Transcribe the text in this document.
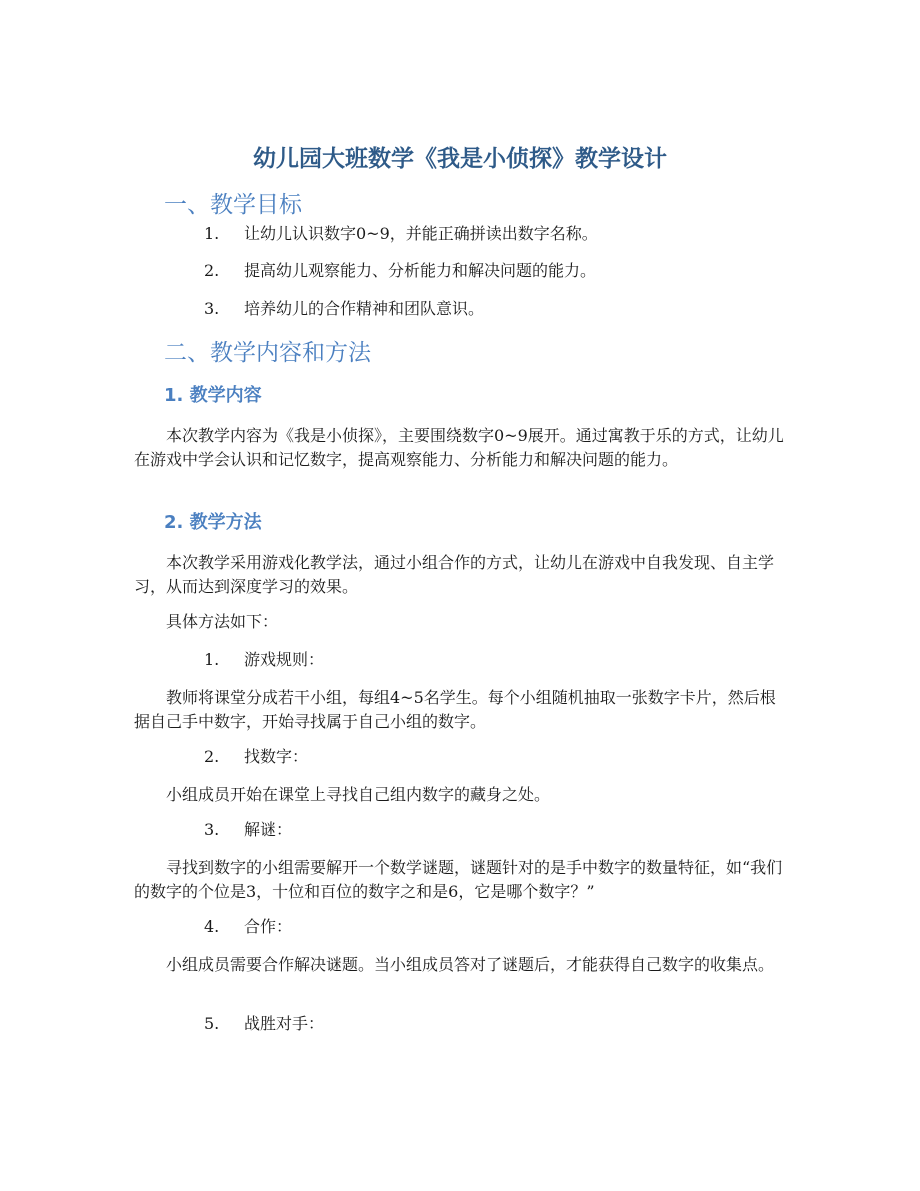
幼儿园大班数学《我是小侦探》教学设计
一、教学目标
1. 让幼儿认识数字0~9，并能正确拼读出数字名称。
2. 提高幼儿观察能力、分析能力和解决问题的能力。
3. 培养幼儿的合作精神和团队意识。
二、教学内容和方法
1. 教学内容
本次教学内容为《我是小侦探》，主要围绕数字0~9展开。通过寓教于乐的方式，让幼儿在游戏中学会认识和记忆数字，提高观察能力、分析能力和解决问题的能力。
2. 教学方法
本次教学采用游戏化教学法，通过小组合作的方式，让幼儿在游戏中自我发现、自主学习，从而达到深度学习的效果。
具体方法如下：
1. 游戏规则：
教师将课堂分成若干小组，每组4~5名学生。每个小组随机抽取一张数字卡片，然后根据自己手中数字，开始寻找属于自己小组的数字。
2. 找数字：
小组成员开始在课堂上寻找自己组内数字的藏身之处。
3. 解谜：
寻找到数字的小组需要解开一个数学谜题，谜题针对的是手中数字的数量特征，如“我们的数字的个位是3，十位和百位的数字之和是6，它是哪个数字？”
4. 合作：
小组成员需要合作解决谜题。当小组成员答对了谜题后，才能获得自己数字的收集点。
5. 战胜对手：
